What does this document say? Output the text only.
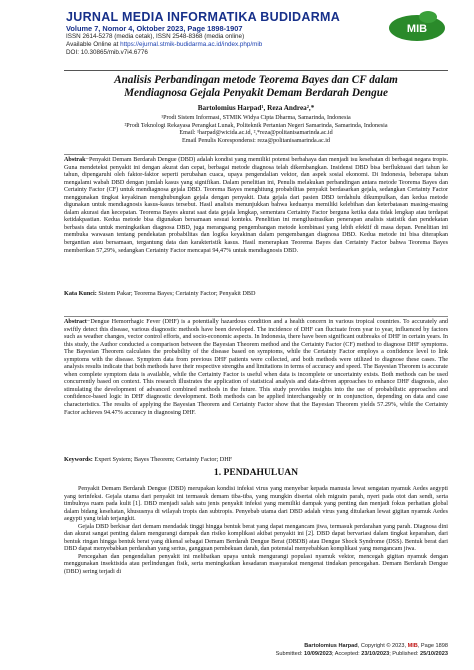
JURNAL MEDIA INFORMATIKA BUDIDARMA
Volume 7, Nomor 4, Oktober 2023, Page 1898-1907
ISSN 2614-5278 (media cetak), ISSN 2548-8368 (media online)
Available Online at https://ejurnal.stmik-budidarma.ac.id/index.php/mib
DOI: 10.30865/mib.v7i4.6776
MIB
Analisis Perbandingan metode Teorema Bayes dan CF dalam
Mendiagnosa Gejala Penyakit Demam Berdarah Dengue
Bartolomius Harpad¹, Reza Andrea²,*
¹Prodi Sistem Informasi, STMIK Widya Cipta Dharma, Samarinda, Indonesia
²Prodi Teknologi Rekayasa Perangkat Lunak, Politeknik Pertanian Negeri Samarinda, Samarinda, Indonesia
Email: ¹harpad@wicida.ac.id, ²,*reza@politanisamarinda.ac.id
Email Penulis Korespondensi: reza@politanisamarinda.ac.id
Abstrak−Penyakit Demam Berdarah Dengue (DBD) adalah kondisi yang memiliki potensi berbahaya dan menjadi isu kesehatan di berbagai negara tropis. Guna mendeteksi penyakit ini dengan akurat dan cepat, berbagai metode diagnosa telah dikembangkan. Insidensi DBD bisa berfluktuasi dari tahun ke tahun, dipengaruhi oleh faktor-faktor seperti perubahan cuaca, upaya pengendalian vektor, dan aspek sosial ekonomi. Di Indonesia, beberapa tahun mengalami wabah DBD dengan jumlah kasus yang signifikan. Dalam penelitian ini, Penulis melakukan perbandingan antara metode Teorema Bayes dan Certainty Factor (CF) untuk mendiagnosa gejala DBD. Teorema Bayes menghitung probabilitas penyakit berdasarkan gejala, sedangkan Certainty Factor menggunakan tingkat keyakinan menghubungkan gejala dengan penyakit. Data gejala dari pasien DBD terdahulu dikumpulkan, dan kedua metode digunakan untuk mendiagnosis kasus-kasus tersebut. Hasil analisis menunjukkan bahwa keduanya memiliki kelebihan dan keterbatasan masing-masing dalam akurasi dan kecepatan. Teorema Bayes akurat saat data gejala lengkap, sementara Certainty Factor berguna ketika data tidak lengkap atau terdapat ketidakpastian. Kedua metode bisa digunakan bersamaan sesuai konteks. Penelitian ini mengilustrasikan penerapan analisis statistik dan pendekatan berbasis data untuk meningkatkan diagnosa DBD, juga merangsang pengembangan metode kombinasi yang lebih efektif di masa depan. Penelitian ini membuka wawasan tentang pendekatan probabilitas dan logika keyakinan dalam pengembangan diagnosa DBD. Kedua metode ini bisa diterapkan bergantian atau bersamaan, tergantung data dan karakteristik kasus. Hasil menerapkan Teorema Bayes dan Certainty Factor bahwa Teorema Bayes memberikan 57,29%, sedangkan Certainty Factor mencapai 94,47% untuk mendiagnosis DBD.
Kata Kunci: Sistem Pakar; Teorema Bayes; Certainty Factor; Penyakit DBD
Abstract−Dengue Hemorrhagic Fever (DHF) is a potentially hazardous condition and a health concern in various tropical countries. To accurately and swiftly detect this disease, various diagnostic methods have been developed. The incidence of DHF can fluctuate from year to year, influenced by factors such as weather changes, vector control efforts, and socio-economic aspects. In Indonesia, there have been significant outbreaks of DHF in certain years. In this study, the Author conducted a comparison between the Bayesian Theorem method and the Certainty Factor (CF) method to diagnose DHF symptoms. The Bayesian Theorem calculates the probability of the disease based on symptoms, while the Certainty Factor employs a confidence level to link symptoms with the disease. Symptom data from previous DHF patients were collected, and both methods were utilized to diagnose these cases. The analysis results indicate that both methods have their respective strengths and limitations in terms of accuracy and speed. The Bayesian Theorem is accurate when complete symptom data is available, while the Certainty Factor is useful when data is incomplete or uncertainty exists. Both methods can be used concurrently based on context. This research illustrates the application of statistical analysis and data-driven approaches to enhance DHF diagnosis, also stimulating the development of advanced combined methods in the future. This study provides insights into the use of probabilistic approaches and confidence-based logic in DHF diagnostic development. Both methods can be applied interchangeably or in conjunction, depending on data and case characteristics. The results of applying the Bayesian Theorem and Certainty Factor show that the Bayesian Theorem yields 57.29%, while the Certainty Factor achieves 94.47% accuracy in diagnosing DHF.
Keywords: Expert System; Bayes Theorem; Certainty Factor; DHF
1. PENDAHULUAN

Penyakit Demam Berdarah Dengue (DBD) merupakan kondisi infeksi virus yang menyebar kepada manusia lewat sengatan nyamuk Aedes aegypti yang terinfeksi. Gejala utama dari penyakit ini termasuk demam tiba-tiba, yang mungkin disertai oleh migrain parah, nyeri pada otot dan sendi, serta timbulnya ruam pada kulit [1]. DBD menjadi salah satu jenis penyakit infeksi yang memiliki dampak yang penting dan menjadi fokus perhatian global dalam bidang kesehatan, khususnya di wilayah tropis dan subtropis. Penyebab utama dari DBD adalah virus yang ditularkan lewat gigitan nyamuk Aedes aegypti yang telah terjangkit.

Gejala DBD berkisar dari demam mendadak tinggi hingga bentuk berat yang dapat mengancam jiwa, termasuk perdarahan yang parah. Diagnosa dini dan akurat sangat penting dalam mengurangi dampak dan risiko komplikasi akibat penyakit ini [2]. DBD dapat bervariasi dalam tingkat keparahan, dari bentuk ringan hingga bentuk berat yang dikenal sebagai Demam Berdarah Dengue Berat (DBDB) atau Dengue Shock Syndrome (DSS). Bentuk berat dari DBD dapat menyebabkan perdarahan yang serius, gangguan pembekuan darah, dan potensial menyebabkan komplikasi yang mengancam jiwa.

Pencegahan dan pengendalian penyakit ini melibatkan upaya untuk mengurangi populasi nyamuk vektor, mencegah gigitan nyamuk dengan menggunakan insektisida atau perlindungan fisik, serta meningkatkan kesadaran masyarakat mengenai tindakan pencegahan. Demam Berdarah Dengue (DBD) sering terjadi di

Bartolomius Harpad, Copyright © 2023, MIB, Page 1898
Submitted: 10/09/2023; Accepted: 23/10/2023; Published: 25/10/2023
